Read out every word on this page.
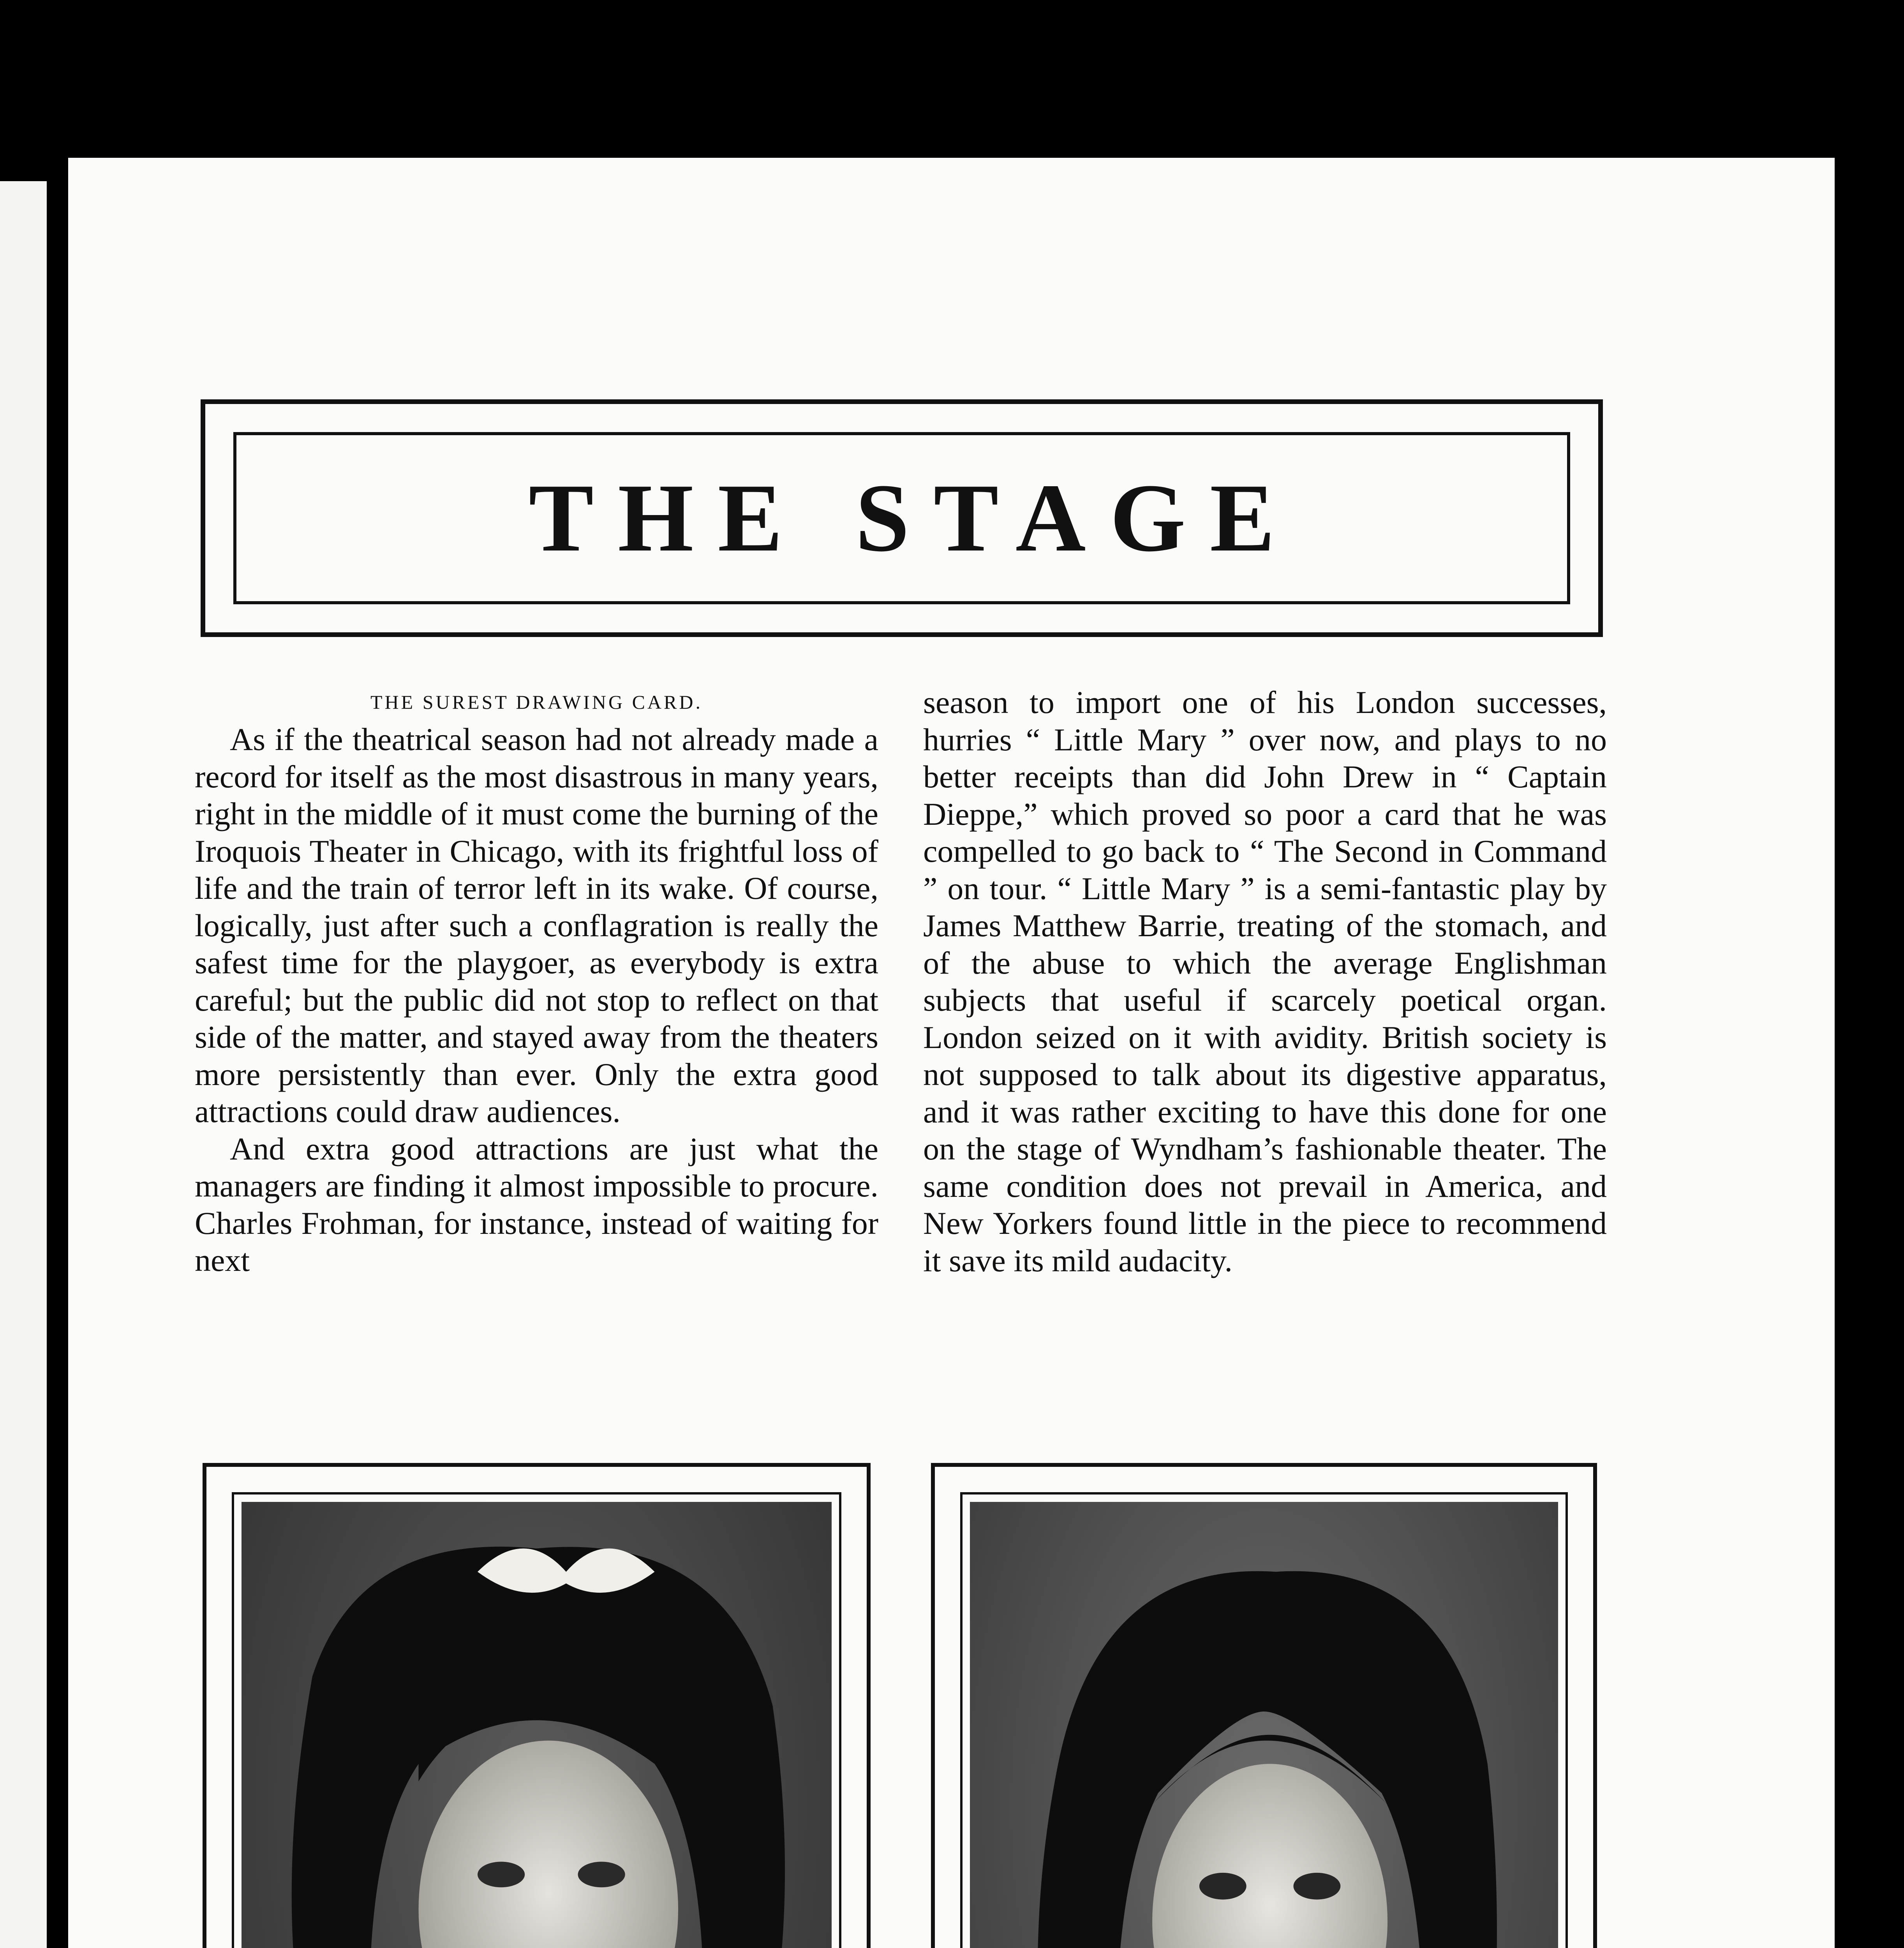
THE STAGE

THE SUREST DRAWING CARD.

As if the theatrical season had not already made a record for itself as the most disastrous in many years, right in the middle of it must come the burning of the Iroquois Theater in Chicago, with its frightful loss of life and the train of terror left in its wake. Of course, logically, just after such a conflagration is really the safest time for the playgoer, as everybody is extra careful; but the public did not stop to reflect on that side of the matter, and stayed away from the theaters more persistently than ever. Only the extra good attractions could draw audiences.

And extra good attractions are just what the managers are finding it almost impossible to procure. Charles Frohman, for instance, instead of waiting for next

season to import one of his London successes, hurries “ Little Mary ” over now, and plays to no better receipts than did John Drew in “ Captain Dieppe,” which proved so poor a card that he was compelled to go back to “ The Second in Command ” on tour. “ Little Mary ” is a semi-fantastic play by James Matthew Barrie, treating of the stomach, and of the abuse to which the average Englishman subjects that useful if scarcely poetical organ. London seized on it with avidity. British society is not supposed to talk about its digestive apparatus, and it was rather exciting to have this done for one on the stage of Wyndham’s fashionable theater. The same condition does not prevail in America, and New Yorkers found little in the piece to recommend it save its mild audacity.
